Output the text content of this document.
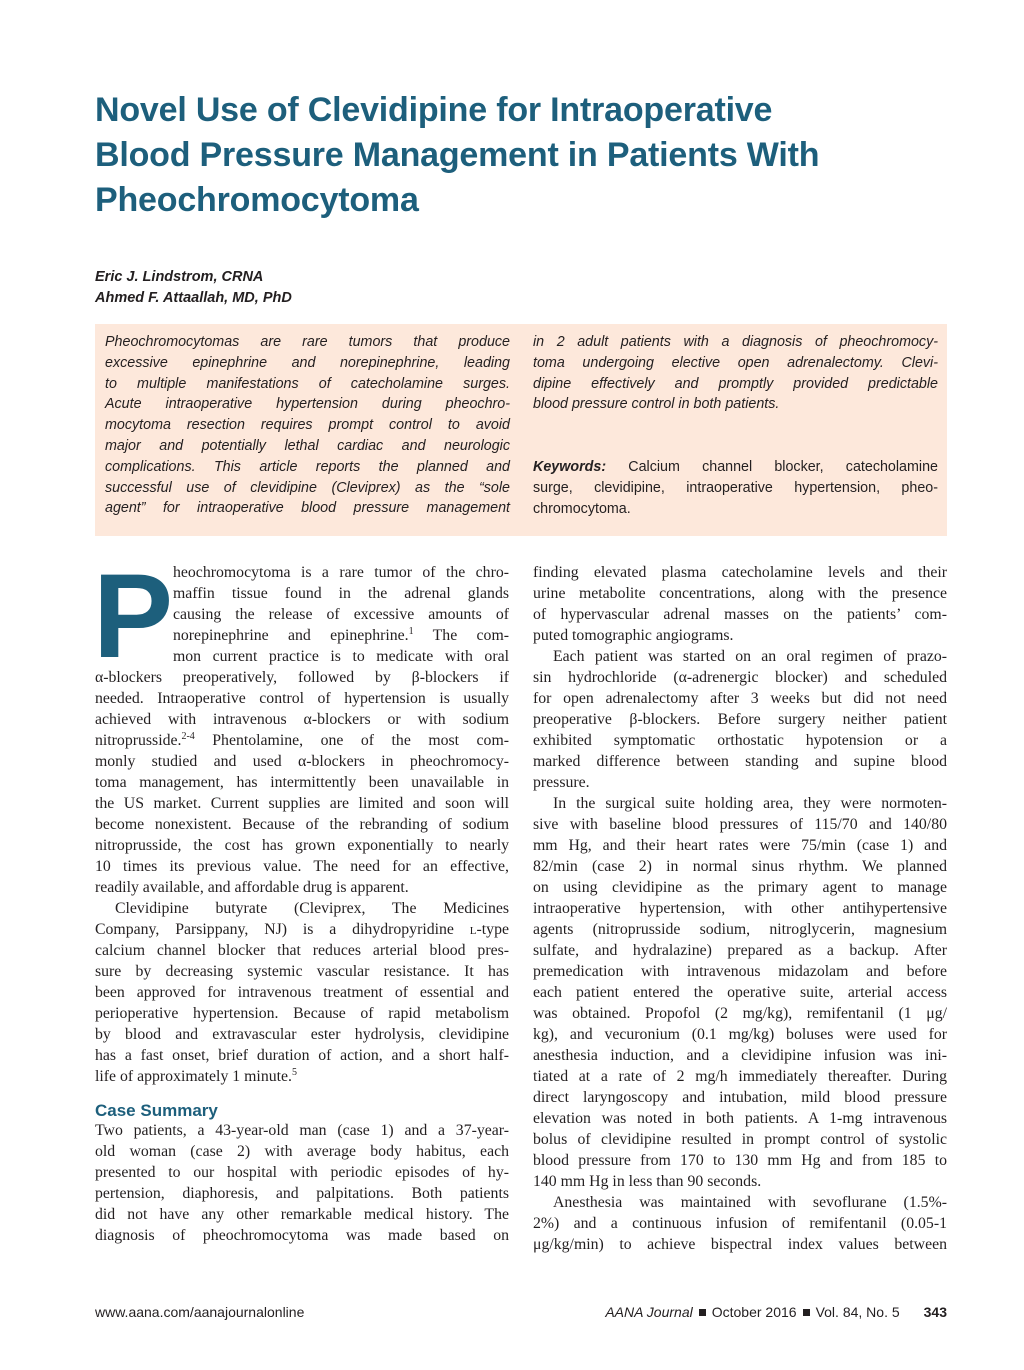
Novel Use of Clevidipine for Intraoperative
Blood Pressure Management in Patients With
Pheochromocytoma
Eric J. Lindstrom, CRNA
Ahmed F. Attaallah, MD, PhD
Pheochromocytomas are rare tumors that produce
excessive epinephrine and norepinephrine, leading
to multiple manifestations of catecholamine surges.
Acute intraoperative hypertension during pheochro-
mocytoma resection requires prompt control to avoid
major and potentially lethal cardiac and neurologic
complications. This article reports the planned and
successful use of clevidipine (Cleviprex) as the “sole
agent” for intraoperative blood pressure management
in 2 adult patients with a diagnosis of pheochromocy-
toma undergoing elective open adrenalectomy. Clevi-
dipine effectively and promptly provided predictable
blood pressure control in both patients.
Keywords: Calcium channel blocker, catecholamine
surge, clevidipine, intraoperative hypertension, pheo-
chromocytoma.
P heochromocytoma is a rare tumor of the chro-
maffin tissue found in the adrenal glands
causing the release of excessive amounts of
norepinephrine and epinephrine.$^1$ The com-
mon current practice is to medicate with oral
α-blockers preoperatively, followed by β-blockers if
needed. Intraoperative control of hypertension is usually
achieved with intravenous α-blockers or with sodium
nitroprusside.$^{2-4}$ Phentolamine, one of the most com-
monly studied and used α-blockers in pheochromocy-
toma management, has intermittently been unavailable in
the US market. Current supplies are limited and soon will
become nonexistent. Because of the rebranding of sodium
nitroprusside, the cost has grown exponentially to nearly
10 times its previous value. The need for an effective,
readily available, and affordable drug is apparent.
Clevidipine butyrate (Cleviprex, The Medicines
Company, Parsippany, NJ) is a dihydropyridine L-type
calcium channel blocker that reduces arterial blood pres-
sure by decreasing systemic vascular resistance. It has
been approved for intravenous treatment of essential and
perioperative hypertension. Because of rapid metabolism
by blood and extravascular ester hydrolysis, clevidipine
has a fast onset, brief duration of action, and a short half-
life of approximately 1 minute.$^5$
Case Summary
Two patients, a 43-year-old man (case 1) and a 37-year-
old woman (case 2) with average body habitus, each
presented to our hospital with periodic episodes of hy-
pertension, diaphoresis, and palpitations. Both patients
did not have any other remarkable medical history. The
diagnosis of pheochromocytoma was made based on
finding elevated plasma catecholamine levels and their
urine metabolite concentrations, along with the presence
of hypervascular adrenal masses on the patients’ com-
puted tomographic angiograms.
Each patient was started on an oral regimen of prazo-
sin hydrochloride (α-adrenergic blocker) and scheduled
for open adrenalectomy after 3 weeks but did not need
preoperative β-blockers. Before surgery neither patient
exhibited symptomatic orthostatic hypotension or a
marked difference between standing and supine blood
pressure.
In the surgical suite holding area, they were normoten-
sive with baseline blood pressures of 115/70 and 140/80
mm Hg, and their heart rates were 75/min (case 1) and
82/min (case 2) in normal sinus rhythm. We planned
on using clevidipine as the primary agent to manage
intraoperative hypertension, with other antihypertensive
agents (nitroprusside sodium, nitroglycerin, magnesium
sulfate, and hydralazine) prepared as a backup. After
premedication with intravenous midazolam and before
each patient entered the operative suite, arterial access
was obtained. Propofol (2 mg/kg), remifentanil (1 μg/
kg), and vecuronium (0.1 mg/kg) boluses were used for
anesthesia induction, and a clevidipine infusion was ini-
tiated at a rate of 2 mg/h immediately thereafter. During
direct laryngoscopy and intubation, mild blood pressure
elevation was noted in both patients. A 1-mg intravenous
bolus of clevidipine resulted in prompt control of systolic
blood pressure from 170 to 130 mm Hg and from 185 to
140 mm Hg in less than 90 seconds.
Anesthesia was maintained with sevoflurane (1.5%-
2%) and a continuous infusion of remifentanil (0.05-1
μg/kg/min) to achieve bispectral index values between
www.aana.com/aanajournalonline	AANA Journal October 2016 Vol. 84, No. 5 343
